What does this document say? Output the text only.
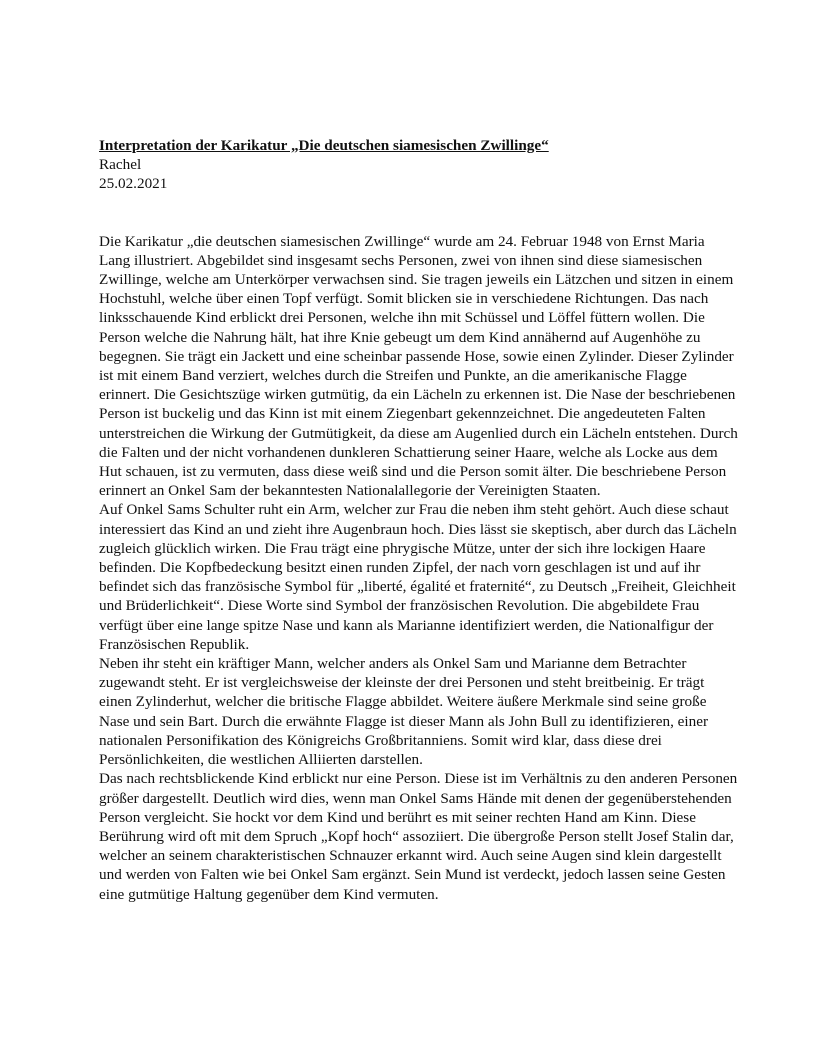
Interpretation der Karikatur „Die deutschen siamesischen Zwillinge“

Rachel

25.02.2021

Die Karikatur „die deutschen siamesischen Zwillinge“ wurde am 24. Februar 1948 von Ernst Maria Lang illustriert. Abgebildet sind insgesamt sechs Personen, zwei von ihnen sind diese siamesischen Zwillinge, welche am Unterkörper verwachsen sind. Sie tragen jeweils ein Lätzchen und sitzen in einem Hochstuhl, welche über einen Topf verfügt. Somit blicken sie in verschiedene Richtungen. Das nach linksschauende Kind erblickt drei Personen, welche ihn mit Schüssel und Löffel füttern wollen. Die Person welche die Nahrung hält, hat ihre Knie gebeugt um dem Kind annähernd auf Augenhöhe zu begegnen. Sie trägt ein Jackett und eine scheinbar passende Hose, sowie einen Zylinder. Dieser Zylinder ist mit einem Band verziert, welches durch die Streifen und Punkte, an die amerikanische Flagge erinnert. Die Gesichtszüge wirken gutmütig, da ein Lächeln zu erkennen ist. Die Nase der beschriebenen Person ist buckelig und das Kinn ist mit einem Ziegenbart gekennzeichnet. Die angedeuteten Falten unterstreichen die Wirkung der Gutmütigkeit, da diese am Augenlied durch ein Lächeln entstehen. Durch die Falten und der nicht vorhandenen dunkleren Schattierung seiner Haare, welche als Locke aus dem Hut schauen, ist zu vermuten, dass diese weiß sind und die Person somit älter. Die beschriebene Person erinnert an Onkel Sam der bekanntesten Nationalallegorie der Vereinigten Staaten.

Auf Onkel Sams Schulter ruht ein Arm, welcher zur Frau die neben ihm steht gehört. Auch diese schaut interessiert das Kind an und zieht ihre Augenbraun hoch. Dies lässt sie skeptisch, aber durch das Lächeln zugleich glücklich wirken. Die Frau trägt eine phrygische Mütze, unter der sich ihre lockigen Haare befinden. Die Kopfbedeckung besitzt einen runden Zipfel, der nach vorn geschlagen ist und auf ihr befindet sich das französische Symbol für „liberté, égalité et fraternité“, zu Deutsch „Freiheit, Gleichheit und Brüderlichkeit“. Diese Worte sind Symbol der französischen Revolution. Die abgebildete Frau verfügt über eine lange spitze Nase und kann als Marianne identifiziert werden, die Nationalfigur der Französischen Republik.

Neben ihr steht ein kräftiger Mann, welcher anders als Onkel Sam und Marianne dem Betrachter zugewandt steht. Er ist vergleichsweise der kleinste der drei Personen und steht breitbeinig. Er trägt einen Zylinderhut, welcher die britische Flagge abbildet. Weitere äußere Merkmale sind seine große Nase und sein Bart. Durch die erwähnte Flagge ist dieser Mann als John Bull zu identifizieren, einer nationalen Personifikation des Königreichs Großbritanniens. Somit wird klar, dass diese drei Persönlichkeiten, die westlichen Alliierten darstellen.

Das nach rechtsblickende Kind erblickt nur eine Person. Diese ist im Verhältnis zu den anderen Personen größer dargestellt. Deutlich wird dies, wenn man Onkel Sams Hände mit denen der gegenüberstehenden Person vergleicht. Sie hockt vor dem Kind und berührt es mit seiner rechten Hand am Kinn. Diese Berührung wird oft mit dem Spruch „Kopf hoch“ assoziiert. Die übergroße Person stellt Josef Stalin dar, welcher an seinem charakteristischen Schnauzer erkannt wird. Auch seine Augen sind klein dargestellt und werden von Falten wie bei Onkel Sam ergänzt. Sein Mund ist verdeckt, jedoch lassen seine Gesten eine gutmütige Haltung gegenüber dem Kind vermuten.
